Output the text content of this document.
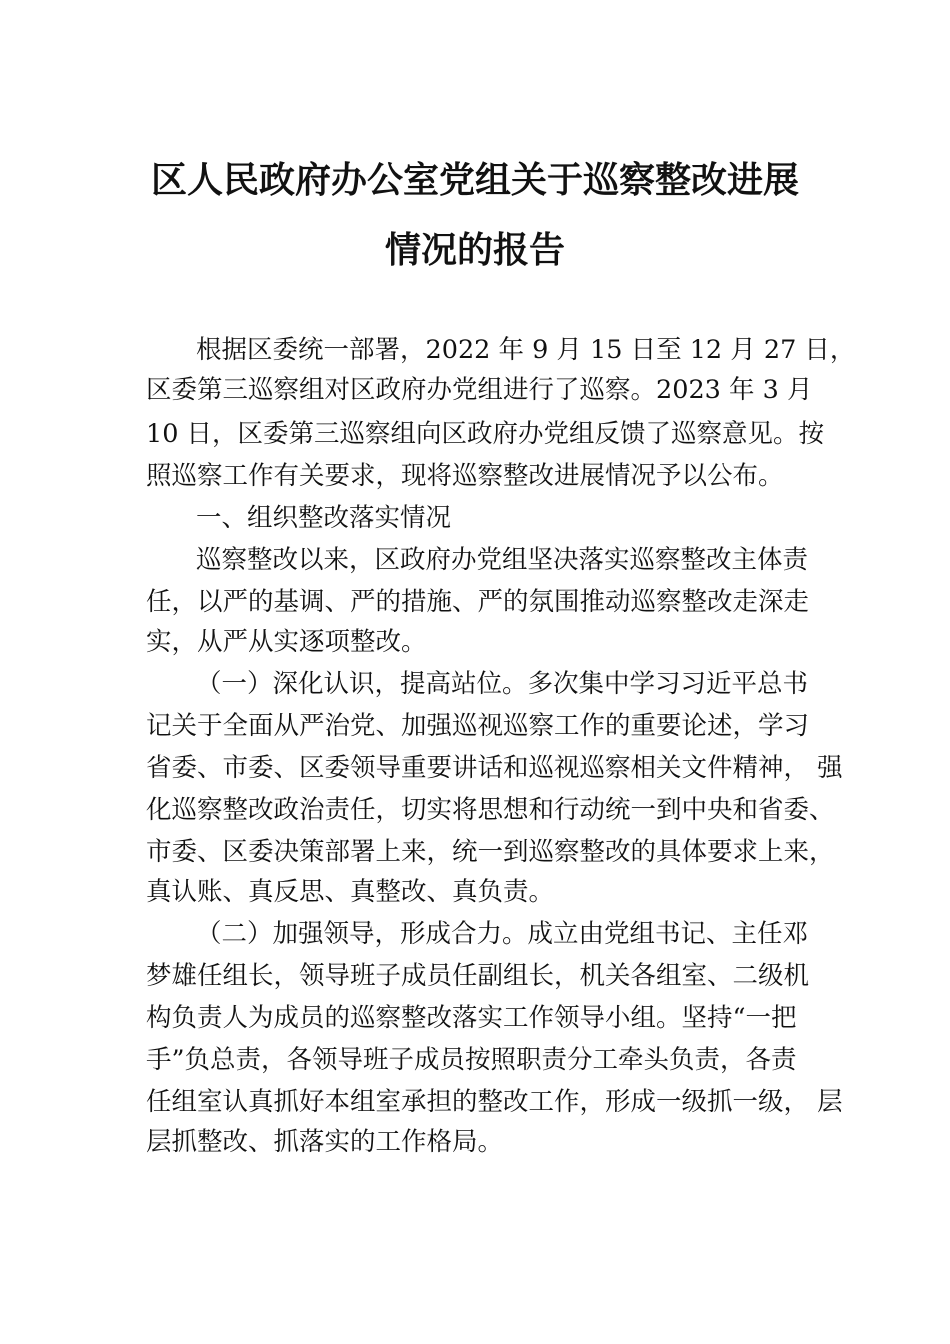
区人民政府办公室党组关于巡察整改进展
情况的报告
根据区委统一部署，2022 年 9 月 15 日至 12 月 27 日，
区委第三巡察组对区政府办党组进行了巡察。2023 年 3 月
10 日，区委第三巡察组向区政府办党组反馈了巡察意见。按
照巡察工作有关要求，现将巡察整改进展情况予以公布。
一、组织整改落实情况
巡察整改以来，区政府办党组坚决落实巡察整改主体责
任，以严的基调、严的措施、严的氛围推动巡察整改走深走
实，从严从实逐项整改。
（一）深化认识，提高站位。多次集中学习习近平总书
记关于全面从严治党、加强巡视巡察工作的重要论述，学习
省委、市委、区委领导重要讲话和巡视巡察相关文件精神， 强
化巡察整改政治责任，切实将思想和行动统一到中央和省委、
市委、区委决策部署上来，统一到巡察整改的具体要求上来，
真认账、真反思、真整改、真负责。
（二）加强领导，形成合力。成立由党组书记、主任邓
梦雄任组长，领导班子成员任副组长，机关各组室、二级机
构负责人为成员的巡察整改落实工作领导小组。坚持“一把
手”负总责，各领导班子成员按照职责分工牵头负责，各责
任组室认真抓好本组室承担的整改工作，形成一级抓一级， 层
层抓整改、抓落实的工作格局。
